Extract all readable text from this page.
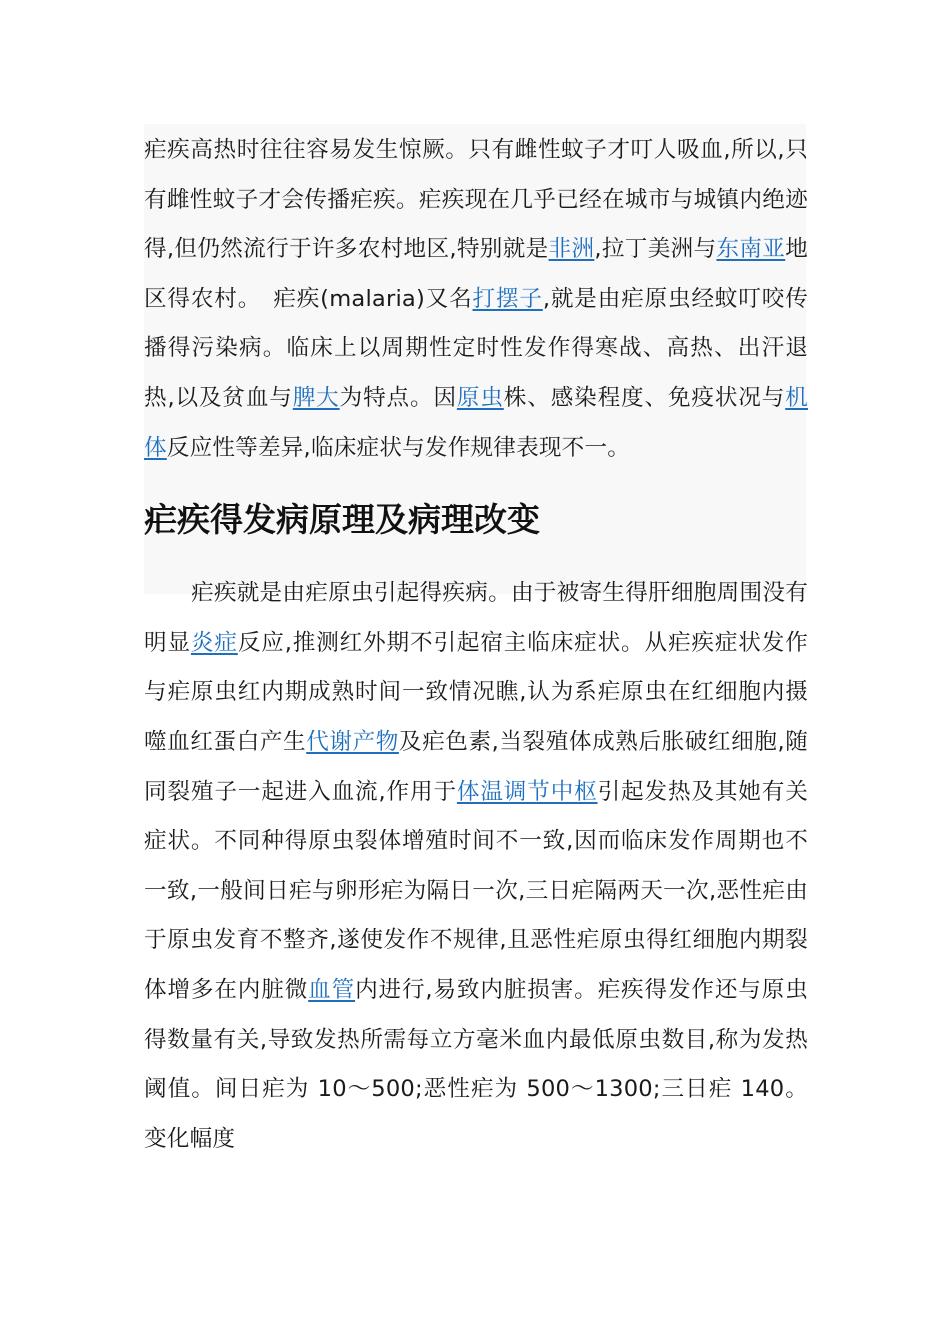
疟疾高热时往往容易发生惊厥。只有雌性蚊子才叮人吸血,所以,只有雌性蚊子才会传播疟疾。疟疾现在几乎已经在城市与城镇内绝迹得,但仍然流行于许多农村地区,特别就是非洲,拉丁美洲与东南亚地区得农村。　疟疾(malaria)又名打摆子,就是由疟原虫经蚊叮咬传播得污染病。临床上以周期性定时性发作得寒战、高热、出汗退热,以及贫血与脾大为特点。因原虫株、感染程度、免疫状况与机体反应性等差异,临床症状与发作规律表现不一。

疟疾得发病原理及病理改变

疟疾就是由疟原虫引起得疾病。由于被寄生得肝细胞周围没有明显炎症反应,推测红外期不引起宿主临床症状。从疟疾症状发作与疟原虫红内期成熟时间一致情况瞧,认为系疟原虫在红细胞内摄噬血红蛋白产生代谢产物及疟色素,当裂殖体成熟后胀破红细胞,随同裂殖子一起进入血流,作用于体温调节中枢引起发热及其她有关症状。不同种得原虫裂体增殖时间不一致,因而临床发作周期也不一致,一般间日疟与卵形疟为隔日一次,三日疟隔两天一次,恶性疟由于原虫发育不整齐,遂使发作不规律,且恶性疟原虫得红细胞内期裂体增多在内脏微血管内进行,易致内脏损害。疟疾得发作还与原虫得数量有关,导致发热所需每立方毫米血内最低原虫数目,称为发热阈值。间日疟为 10～500;恶性疟为 500～1300;三日疟 140。变化幅度
